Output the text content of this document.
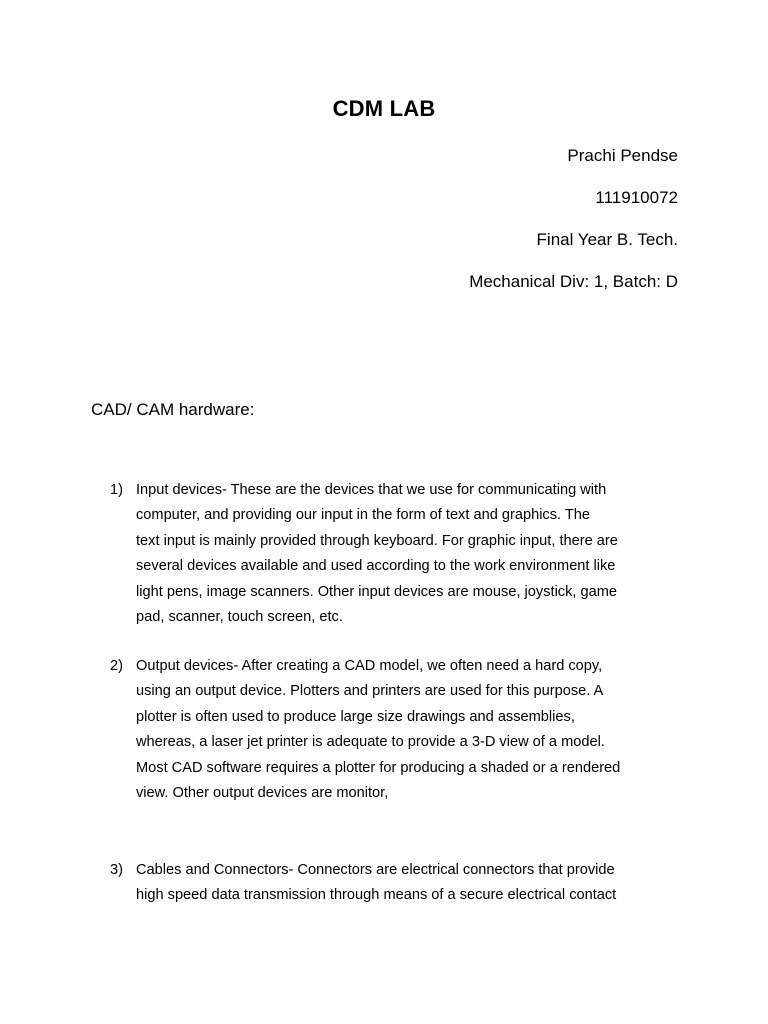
CDM LAB
Prachi Pendse
111910072
Final Year B. Tech.
Mechanical Div: 1, Batch: D
CAD/ CAM hardware:
1) Input devices- These are the devices that we use for communicating with
computer, and providing our input in the form of text and graphics. The
text input is mainly provided through keyboard. For graphic input, there are
several devices available and used according to the work environment like
light pens, image scanners. Other input devices are mouse, joystick, game
pad, scanner, touch screen, etc.
2) Output devices- After creating a CAD model, we often need a hard copy,
using an output device. Plotters and printers are used for this purpose. A
plotter is often used to produce large size drawings and assemblies,
whereas, a laser jet printer is adequate to provide a 3-D view of a model.
Most CAD software requires a plotter for producing a shaded or a rendered
view. Other output devices are monitor,
3) Cables and Connectors- Connectors are electrical connectors that provide
high speed data transmission through means of a secure electrical contact
